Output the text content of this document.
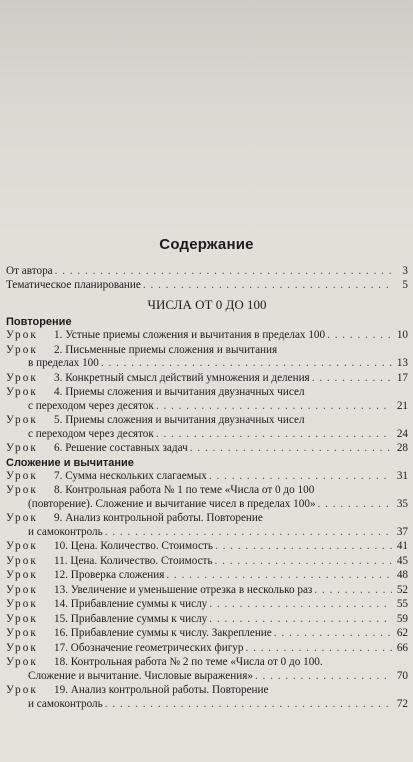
Содержание
От автора . . .	3
Тематическое планирование . . .	5
ЧИСЛА ОТ 0 ДО 100
Повторение
Урок	1. Устные приемы сложения и вычитания в пределах 100 . . .	10
Урок	2. Письменные приемы сложения и вычитания
в пределах 100 . . .	13
Урок	3. Конкретный смысл действий умножения и деления . . .	17
Урок	4. Приемы сложения и вычитания двузначных чисел
с переходом через десяток . . .	21
Урок	5. Приемы сложения и вычитания двузначных чисел
с переходом через десяток . . .	24
Урок	6. Решение составных задач . . .	28
Сложение и вычитание
Урок	7. Сумма нескольких слагаемых . . .	31
Урок	8. Контрольная работа № 1 по теме «Числа от 0 до 100
(повторение). Сложение и вычитание чисел в пределах 100» . . .	35
Урок	9. Анализ контрольной работы. Повторение
и самоконтроль . . .	37
Урок	10. Цена. Количество. Стоимость . . .	41
Урок	11. Цена. Количество. Стоимость . . .	45
Урок	12. Проверка сложения . . .	48
Урок	13. Увеличение и уменьшение отрезка в несколько раз . . .	52
Урок	14. Прибавление суммы к числу . . .	55
Урок	15. Прибавление суммы к числу . . .	59
Урок	16. Прибавление суммы к числу. Закрепление . . .	62
Урок	17. Обозначение геометрических фигур . . .	66
Урок	18. Контрольная работа № 2 по теме «Числа от 0 до 100.
Сложение и вычитание. Числовые выражения» . . .	70
Урок	19. Анализ контрольной работы. Повторение
и самоконтроль . . .	72
